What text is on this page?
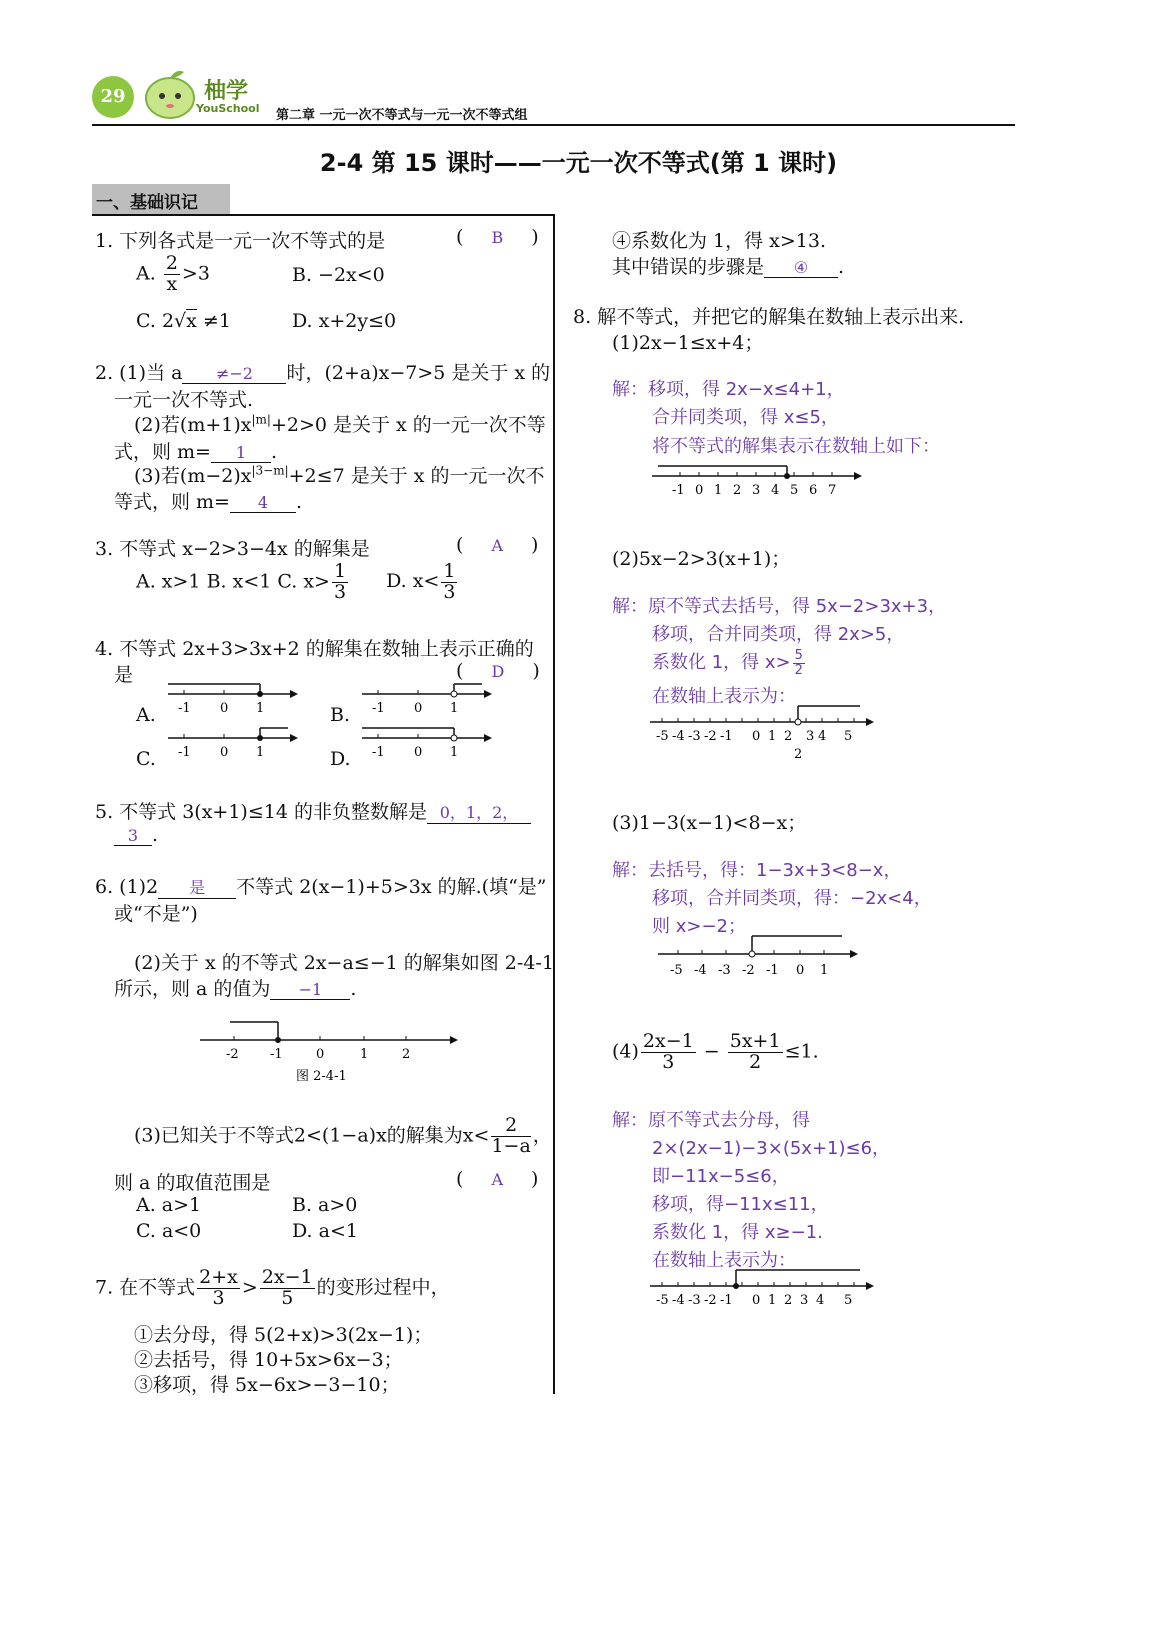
29	柚学
YouSchool 第二章 一元一次不等式与一元一次不等式组
2-4 第 15 课时——一元一次不等式(第 1 课时)
一、基础识记
1. 下列各式是一元一次不等式的是	( B )
A. $\frac{2}{x} >3$	B. −2x<0
C. 2√x ≠1	D. x+2y≤0
2. (1)当 a ≠−2 时，(2+a)x−7>5 是关于 x 的
一元一次不等式.
(2)若$(m+1)x^{|m|}+2>0$ 是关于 x 的一元一次不等
式，则 m= 1 .
(3)若$(m-2)x^{|3-m|}+2\le 7$ 是关于 x 的一元一次不
等式，则 m= 4 .
3. 不等式 x−2>3−4x 的解集是	( A )
A. x>1 B. x<1 C. $x> \frac{1}{3} D$. $x< \frac{1}{3}$
4. 不等式 2x+3>3x+2 的解集在数轴上表示正确的
是	( D )
A.	B.
C.	D.
-1 0 1	-1 0 1
-1 0 1	-1 0 1
5. 不等式 3(x+1)≤14 的非负整数解是 0，1，2，
3 .
6. (1)2 是 不等式 2(x−1)+5>3x 的解.(填“是”
或“不是”)
(2)关于 x 的不等式 2x−a≤−1 的解集如图 2-4-1
所示，则 a 的值为 −1 .
-2 -1	0	1	2
图 2-4-1
(3)已知关于不等式2<(1−a)x的解集为$x< \frac{2}{1-a}$ ，
则 a 的取值范围是	( A )
A. a>1	B. a>0
C. a<0	D. a<1
7. 在不等式 $\frac{2+x}{3} > \frac{2x-1}{5}$ 的变形过程中，
①去分母，得 5(2+x)>3(2x−1)；
②去括号，得 10+5x>6x−3；
③移项，得 5x−6x>−3−10；
④系数化为 1，得 x>13.
其中错误的步骤是 ④ .
8. 解不等式，并把它的解集在数轴上表示出来.
(1)2x−1≤x+4；
解：移项，得 2x−x≤4+1，
合并同类项，得 x≤5，
将不等式的解集表示在数轴上如下：
-1 0 1 2 3 4 5 6 7
(2)5x−2>3(x+1)；
解：原不等式去括号，得 5x−2>3x+3，
移项，合并同类项，得 2x>5，
系数化 1，得 $x> \frac{5}{2}$
在数轴上表示为：
-5 -4 -3 -2 -1 0 1 2 3 4 5
2
(3)1−3(x−1)<8−x；
解：去括号，得：1−3x+3<8−x，
移项，合并同类项，得：−2x<4，
则 x>−2；
-5 -4 -3 -2 -1 0 1
$(4) \frac{2x-1}{3} - \frac{5x+1}{2} \le 1$.
解：原不等式去分母，得
2×(2x−1)−3×(5x+1)≤6，
即−11x−5≤6，
移项，得−11x≤11，
系数化 1，得 x≥−1.
在数轴上表示为：
-5 -4 -3 -2 -1 0 1 2 3 4 5
